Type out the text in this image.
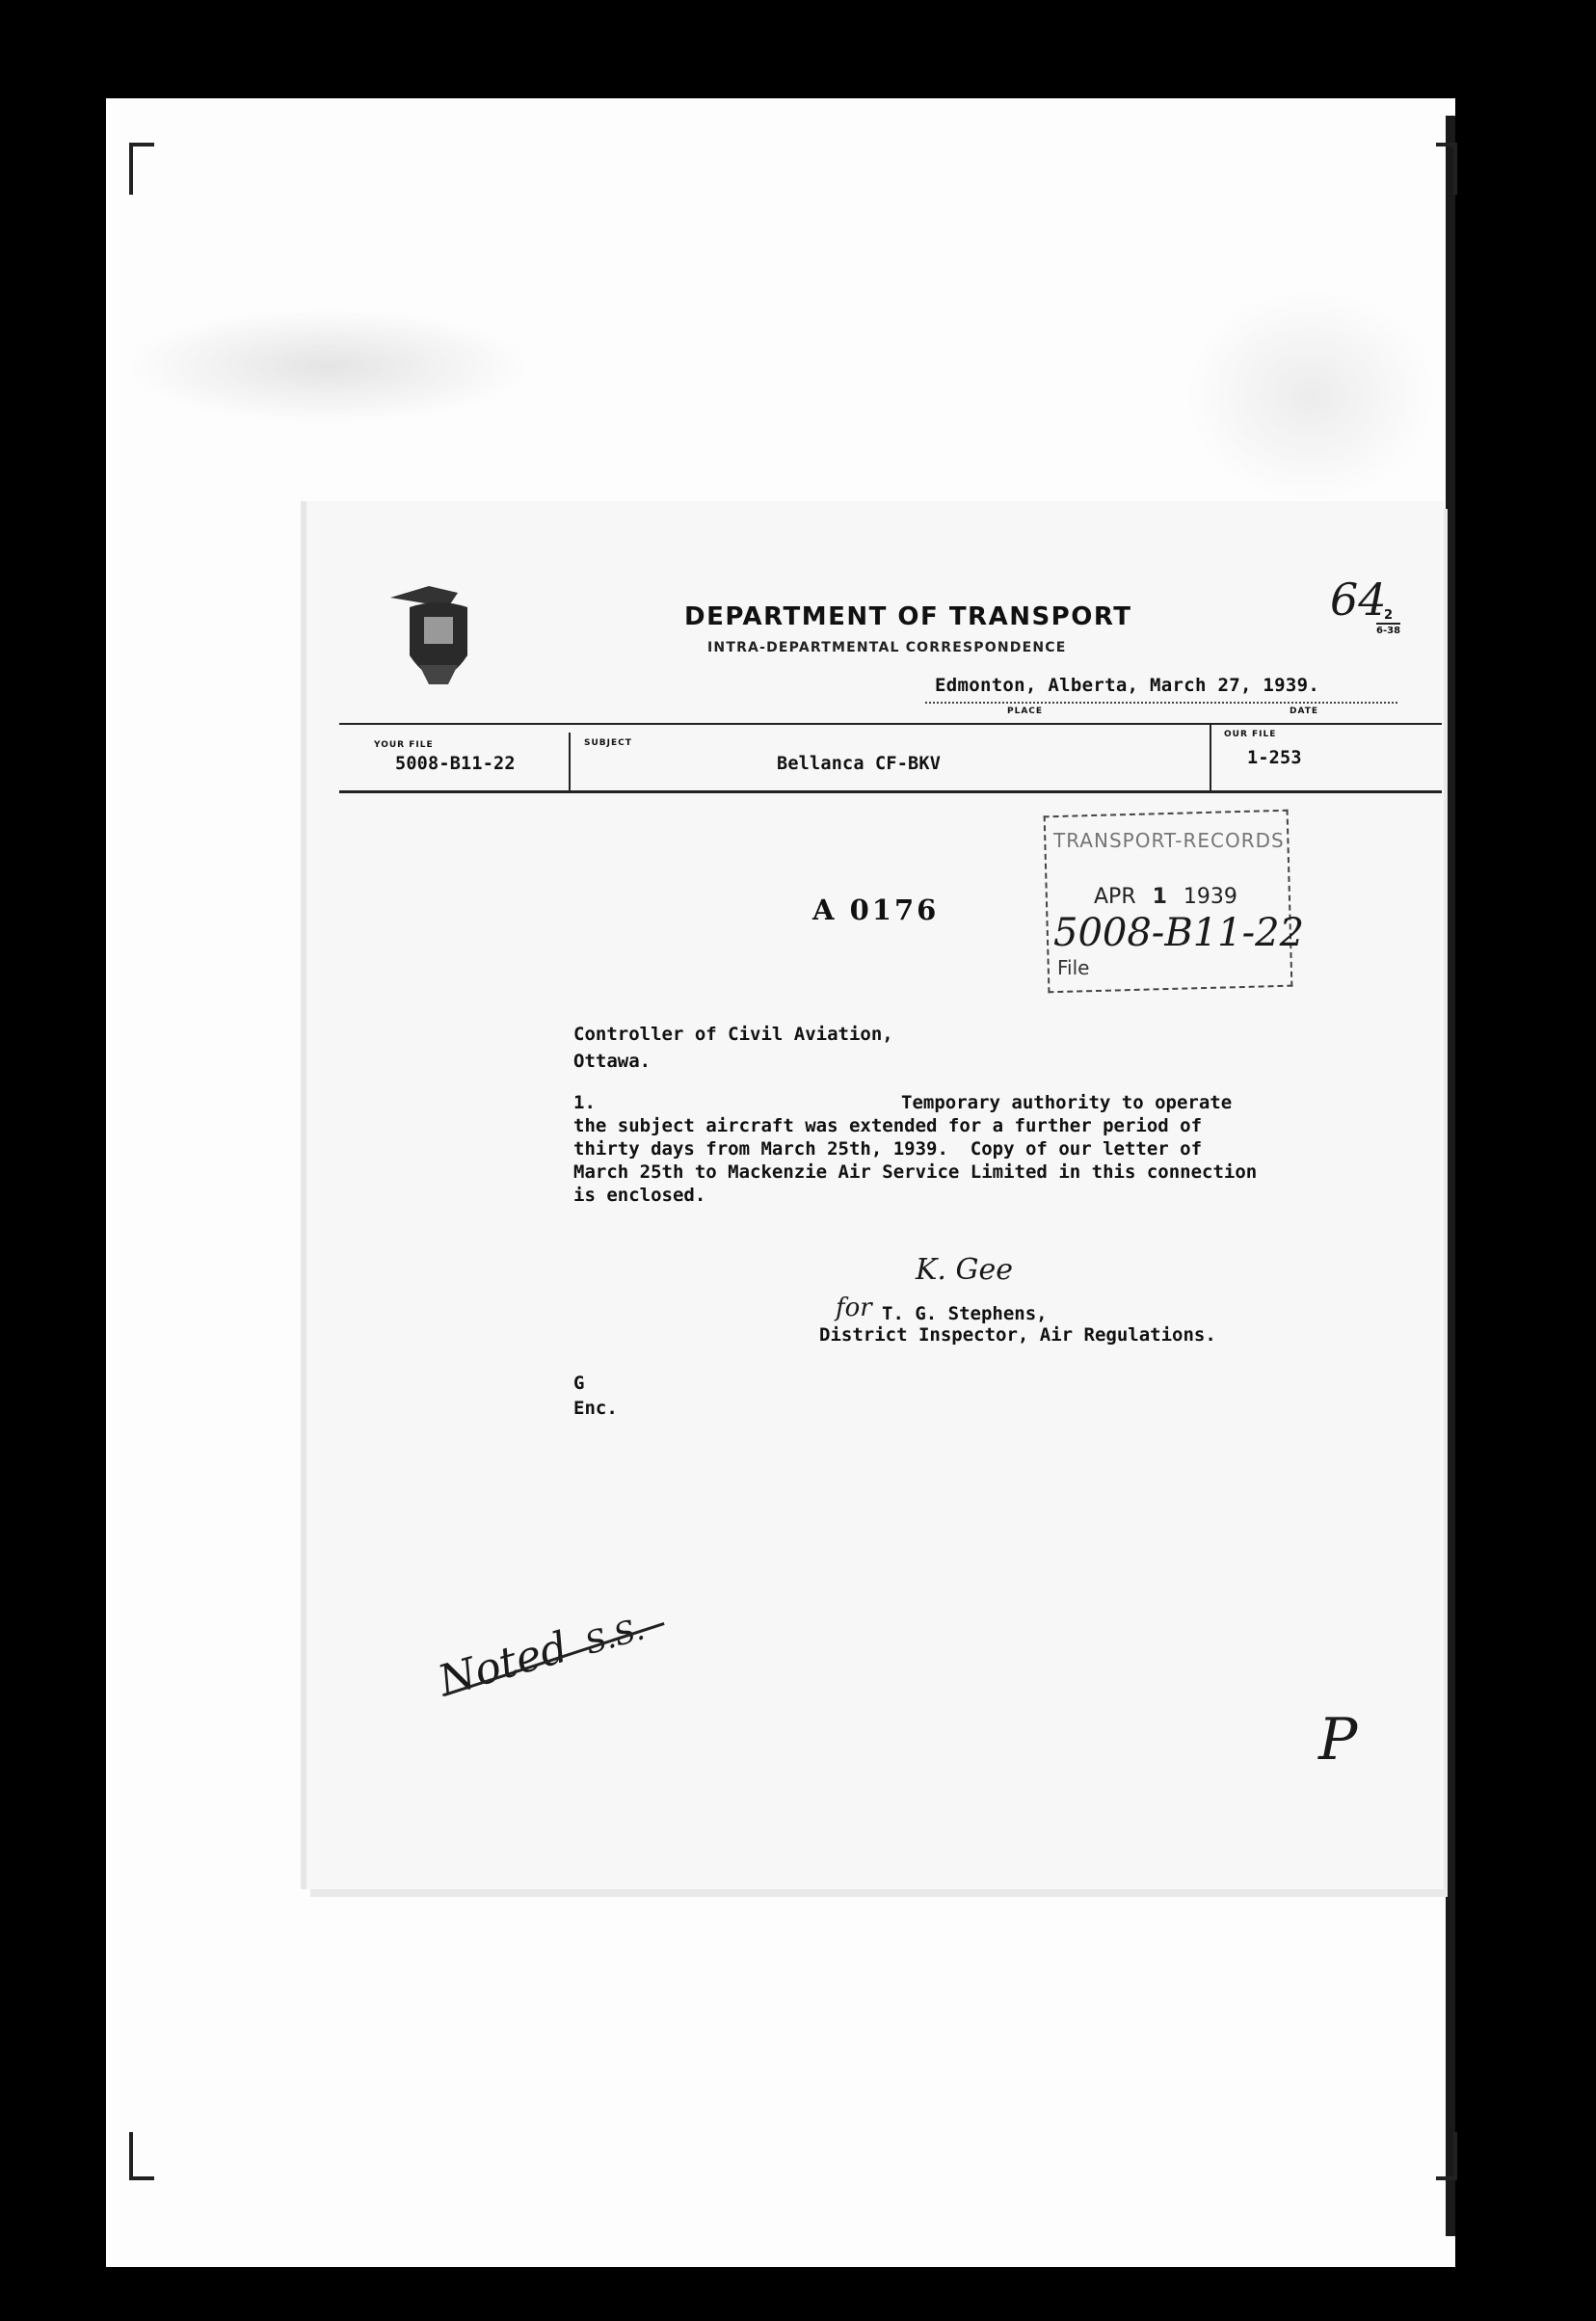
DEPARTMENT OF TRANSPORT
INTRA-DEPARTMENTAL CORRESPONDENCE
64
2
6-38
Edmonton, Alberta, March 27, 1939.
PLACE	DATE
YOUR FILE
5008-B11-22
SUBJECT
Bellanca CF-BKV
OUR FILE
1-253
A 0176
TRANSPORT-RECORDS
APR 1 1939
5008-B11-22
File
Controller of Civil Aviation,
Ottawa.
1.	Temporary authority to operate
the subject aircraft was extended for a further period of
thirty days from March 25th, 1939.  Copy of our letter of
March 25th to Mackenzie Air Service Limited in this connection
is enclosed.
K. Gee
for T. G. Stephens,
District Inspector, Air Regulations.
G
Enc.
Noted S.S.
P
